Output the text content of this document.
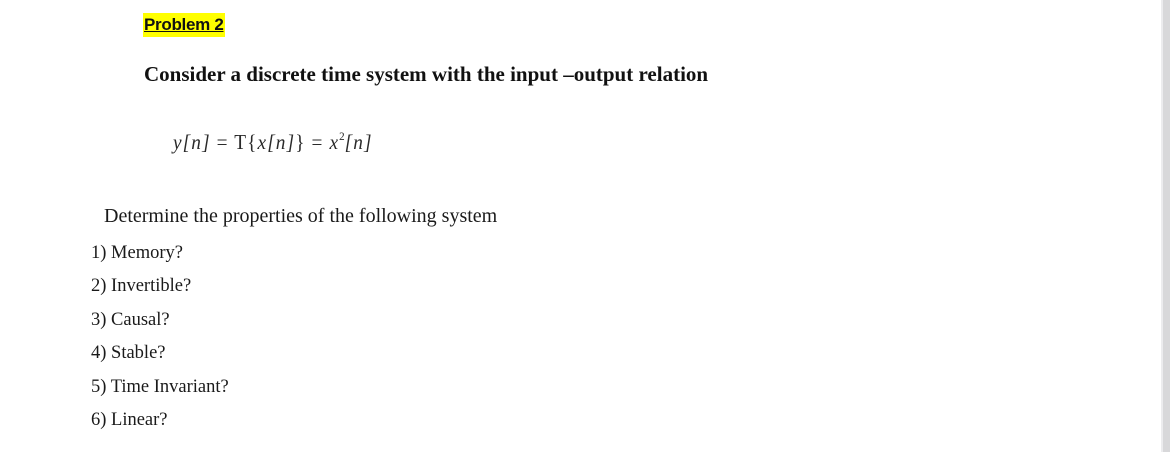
Problem 2
Consider a discrete time system with the input –output relation
$y[n] = T\{x[n]\} = x^2[n]$
Determine the properties of the following system
1) Memory?
2) Invertible?
3) Causal?
4) Stable?
5) Time Invariant?
6) Linear?
